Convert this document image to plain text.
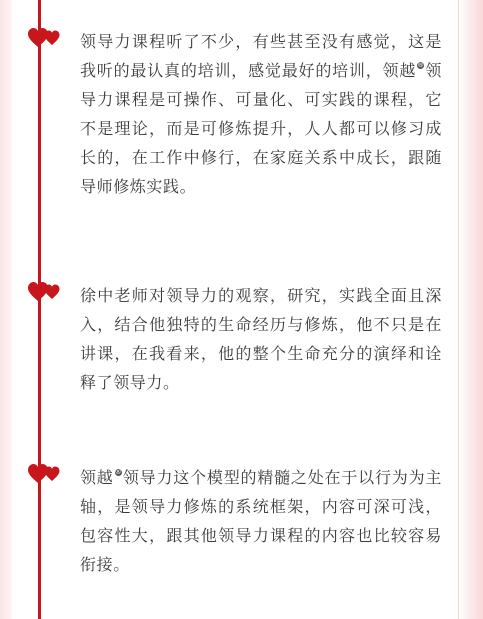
领导力课程听了不少，有些甚至没有感觉，这是我听的最认真的培训，感觉最好的培训，领越®领导力课程是可操作、可量化、可实践的课程，它不是理论，而是可修炼提升，人人都可以修习成长的，在工作中修行，在家庭关系中成长，跟随导师修炼实践。

徐中老师对领导力的观察，研究，实践全面且深入，结合他独特的生命经历与修炼，他不只是在讲课，在我看来，他的整个生命充分的演绎和诠释了领导力。

领越®领导力这个模型的精髓之处在于以行为为主轴，是领导力修炼的系统框架，内容可深可浅，包容性大，跟其他领导力课程的内容也比较容易衔接。
